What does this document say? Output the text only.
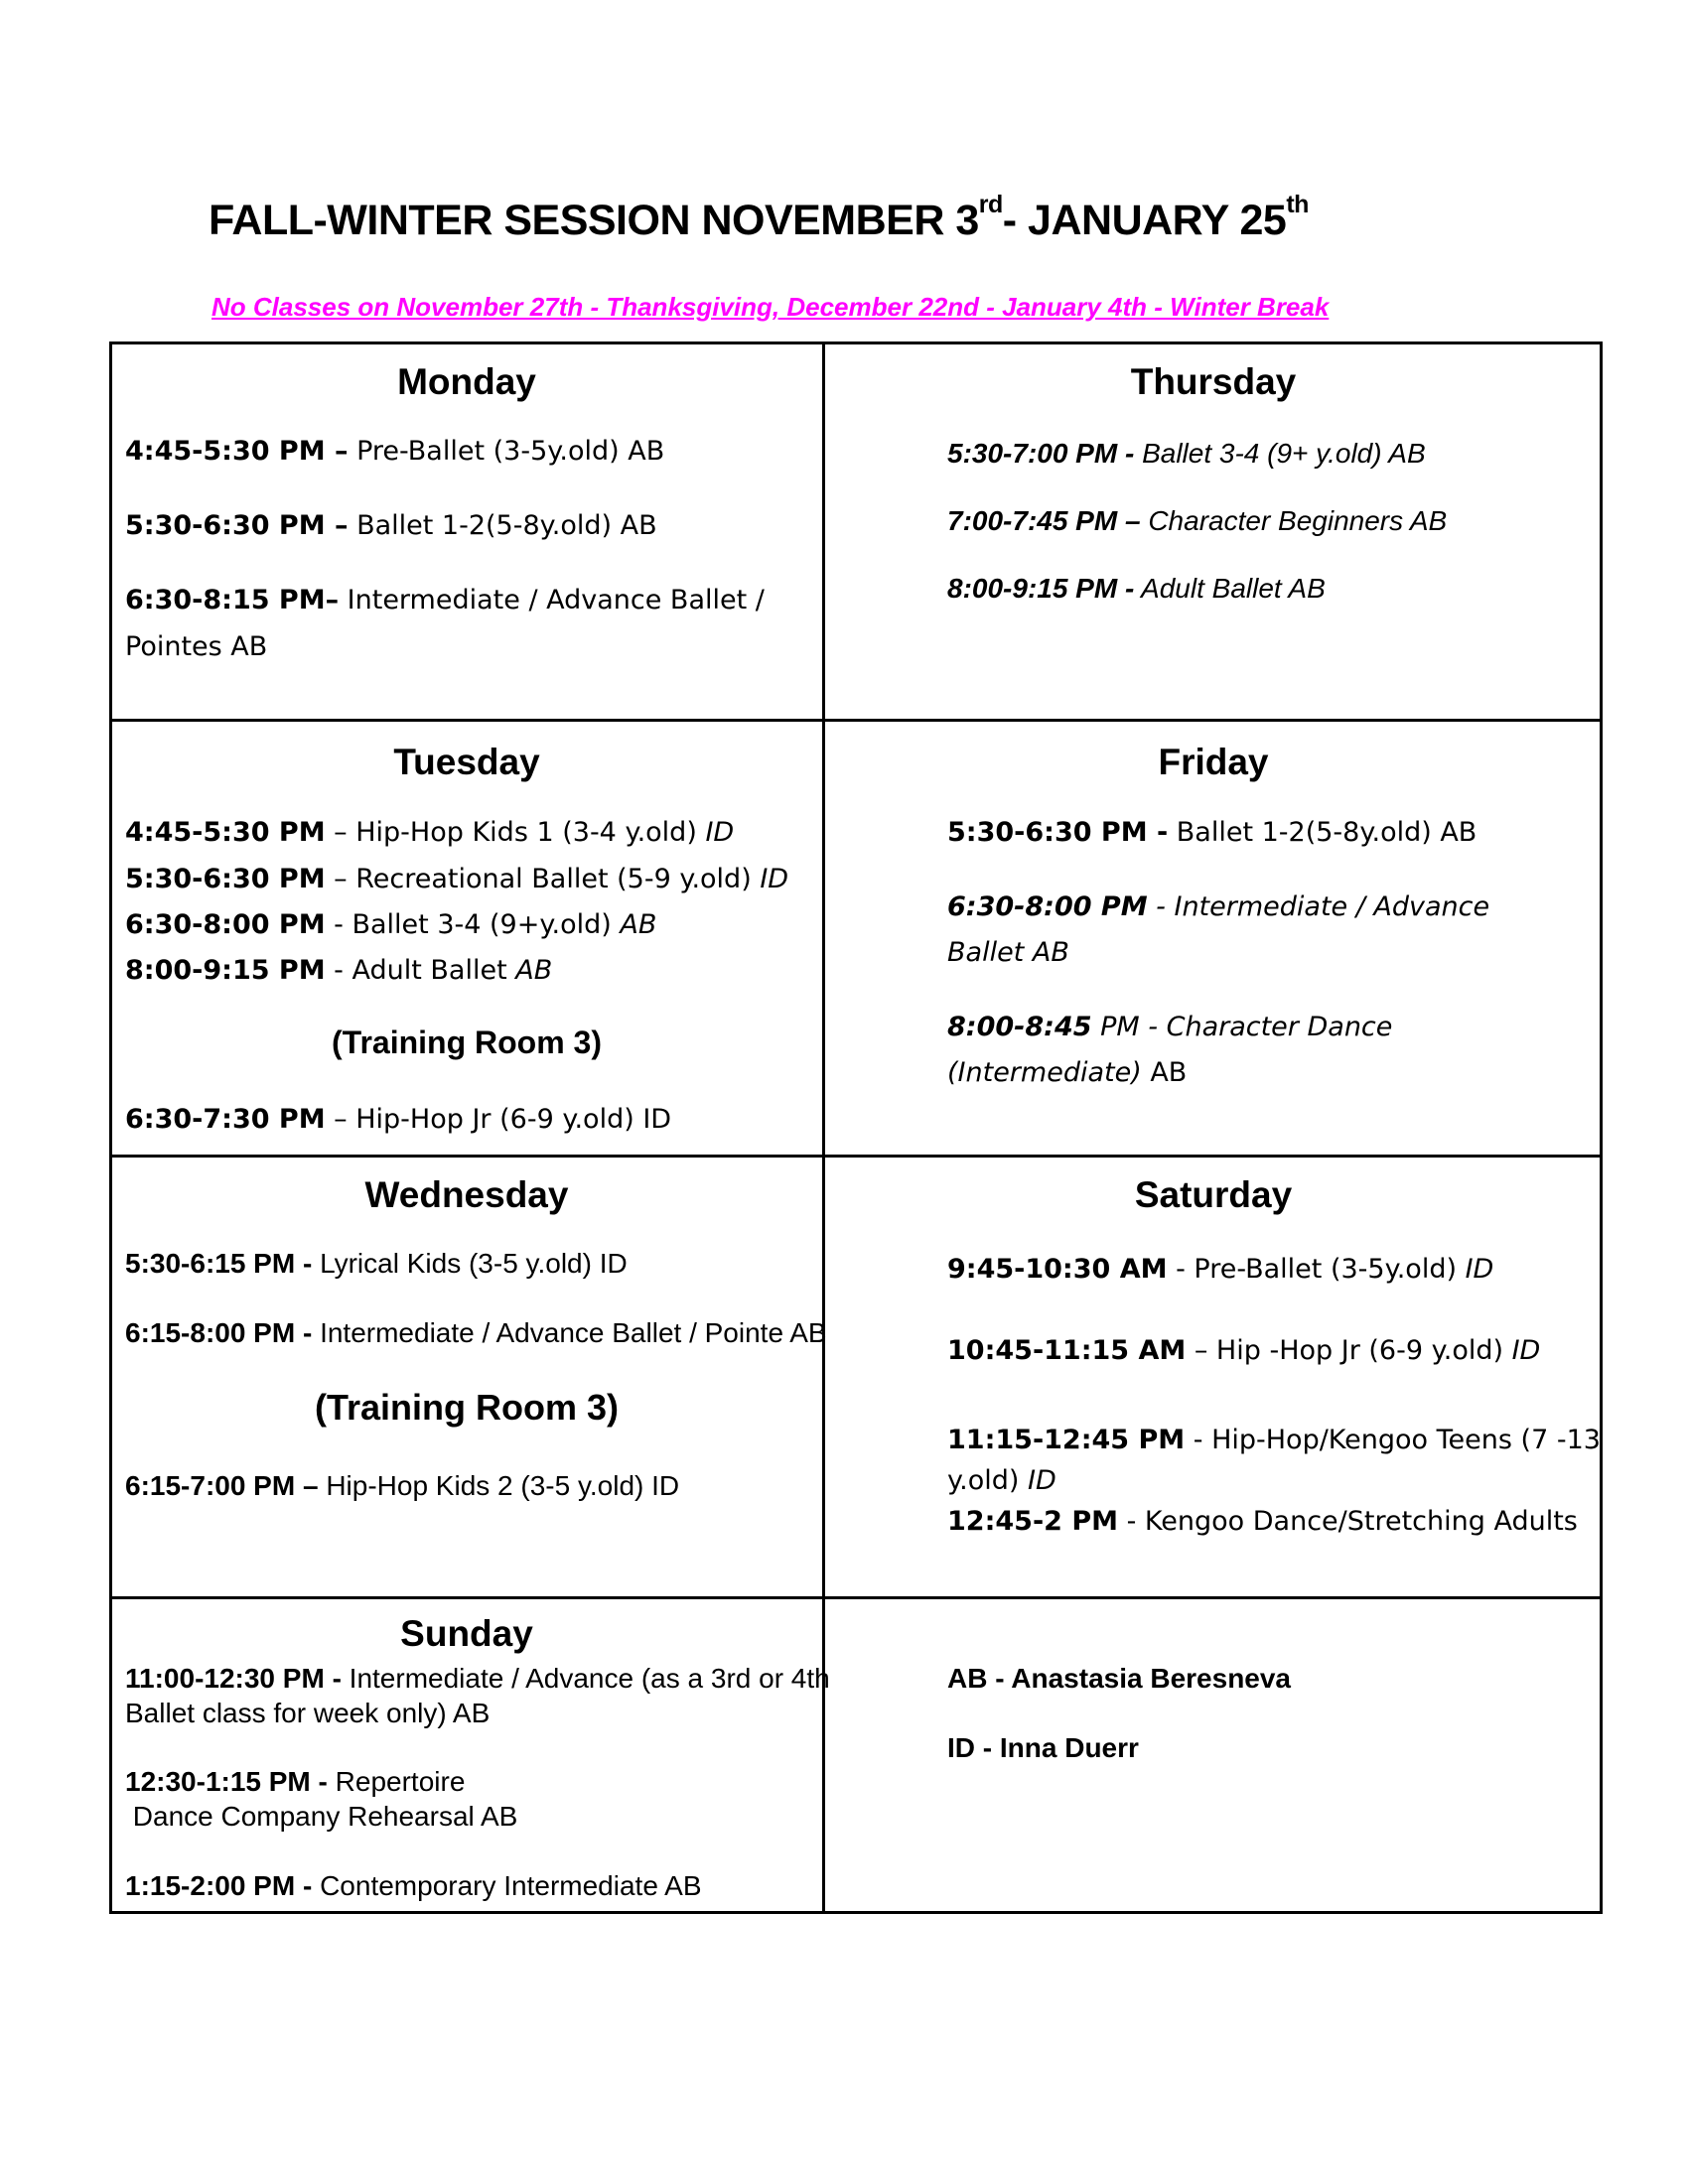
FALL-WINTER SESSION NOVEMBER 3rd- JANUARY 25th
No Classes on November 27th - Thanksgiving, December 22nd - January 4th - Winter Break
Monday
4:45-5:30 PM – Pre-Ballet (3-5y.old) AB
5:30-6:30 PM – Ballet 1-2(5-8y.old) AB
6:30-8:15 PM– Intermediate / Advance Ballet /
Pointes AB
Thursday
5:30-7:00 PM - Ballet 3-4 (9+ y.old) AB
7:00-7:45 PM – Character Beginners AB
8:00-9:15 PM - Adult Ballet AB
Tuesday
4:45-5:30 PM – Hip-Hop Kids 1 (3-4 y.old) ID
5:30-6:30 PM – Recreational Ballet (5-9 y.old) ID
6:30-8:00 PM - Ballet 3-4 (9+y.old) AB
8:00-9:15 PM - Adult Ballet AB
(Training Room 3)
6:30-7:30 PM – Hip-Hop Jr (6-9 y.old) ID
Friday
5:30-6:30 PM - Ballet 1-2(5-8y.old) AB
6:30-8:00 PM - Intermediate / Advance
Ballet AB
8:00-8:45 PM - Character Dance
(Intermediate) AB
Wednesday
5:30-6:15 PM - Lyrical Kids (3-5 y.old) ID
6:15-8:00 PM - Intermediate / Advance Ballet / Pointe AB
(Training Room 3)
6:15-7:00 PM – Hip-Hop Kids 2 (3-5 y.old) ID
Saturday
9:45-10:30 AM - Pre-Ballet (3-5y.old) ID
10:45-11:15 AM – Hip -Hop Jr (6-9 y.old) ID
11:15-12:45 PM - Hip-Hop/Kengoo Teens (7 -13
y.old) ID
12:45-2 PM - Kengoo Dance/Stretching Adults
Sunday
11:00-12:30 PM - Intermediate / Advance (as a 3rd or 4th
Ballet class for week only) AB
12:30-1:15 PM - Repertoire
Dance Company Rehearsal AB
1:15-2:00 PM - Contemporary Intermediate AB
AB - Anastasia Beresneva
ID - Inna Duerr
